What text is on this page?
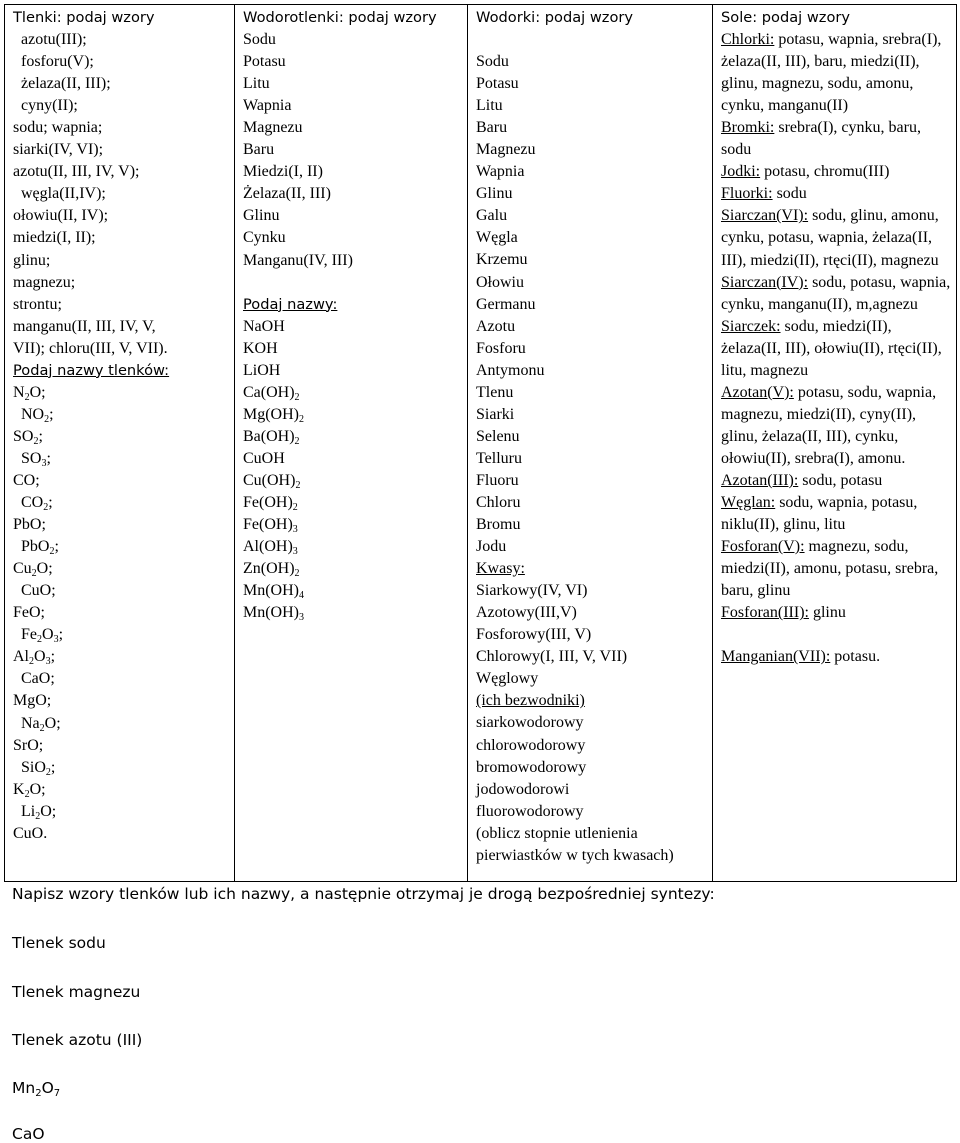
Tlenki: podaj wzory
azotu(III);
fosforu(V);
żelaza(II, III);
cyny(II);
sodu; wapnia;
siarki(IV, VI);
azotu(II, III, IV, V);
węgla(II,IV);
ołowiu(II, IV);
miedzi(I, II);
glinu;
magnezu;
strontu;
manganu(II, III, IV, V,
VII); chloru(III, V, VII).
Podaj nazwy tlenków:
$N_2O$;
$NO_2$;
$SO_2$;
$SO_3$;
CO;
$CO_2$;
PbO;
PbO$_2$;
$Cu_2O$;
CuO;
FeO;
$Fe_2O_3$;
$Al_2O_3$;
CaO;
MgO;
$Na_2O$;
SrO;
SiO$_2$;
$K_2O$;
$Li_2O$;
CuO.
Wodorotlenki: podaj wzory
Sodu
Potasu
Litu
Wapnia
Magnezu
Baru
Miedzi(I, II)
Żelaza(II, III)
Glinu
Cynku
Manganu(IV, III)
Podaj nazwy:
NaOH
KOH
LiOH
$Ca(OH)_2$
$Mg(OH)_2$
$Ba(OH)_2$
CuOH
$Cu(OH)_2$
$Fe(OH)_2$
$Fe(OH)_3$
$Al(OH)_3$
$Zn(OH)_2$
$Mn(OH)_4$
$Mn(OH)_3$
Wodorki: podaj wzory
Sodu
Potasu
Litu
Baru
Magnezu
Wapnia
Glinu
Galu
Węgla
Krzemu
Ołowiu
Germanu
Azotu
Fosforu
Antymonu
Tlenu
Siarki
Selenu
Telluru
Fluoru
Chloru
Bromu
Jodu
Kwasy:
Siarkowy(IV, VI)
Azotowy(III,V)
Fosforowy(III, V)
Chlorowy(I, III, V, VII)
Węglowy
(ich bezwodniki)
siarkowodorowy
chlorowodorowy
bromowodorowy
jodowodorowi
fluorowodorowy
(oblicz stopnie utlenienia pierwiastków w tych kwasach)
Sole: podaj wzory
Chlorki: potasu, wapnia, srebra(I), żelaza(II, III), baru, miedzi(II), glinu, magnezu, sodu, amonu, cynku, manganu(II)
Bromki: srebra(I), cynku, baru, sodu
Jodki: potasu, chromu(III)
Fluorki: sodu
Siarczan(VI): sodu, glinu, amonu, cynku, potasu, wapnia, żelaza(II, III), miedzi(II), rtęci(II), magnezu
Siarczan(IV): sodu, potasu, wapnia, cynku, manganu(II), m,agnezu
Siarczek: sodu, miedzi(II), żelaza(II, III), ołowiu(II), rtęci(II), litu, magnezu
Azotan(V): potasu, sodu, wapnia, magnezu, miedzi(II), cyny(II), glinu, żelaza(II, III), cynku, ołowiu(II), srebra(I), amonu.
Azotan(III): sodu, potasu
Węglan: sodu, wapnia, potasu, niklu(II), glinu, litu
Fosforan(V): magnezu, sodu, miedzi(II), amonu, potasu, srebra, baru, glinu
Fosforan(III): glinu
Manganian(VII): potasu.
Napisz wzory tlenków lub ich nazwy, a następnie otrzymaj je drogą bezpośredniej syntezy:
Tlenek sodu
Tlenek magnezu
Tlenek azotu (III)
$Mn_2O_7$
CaO
